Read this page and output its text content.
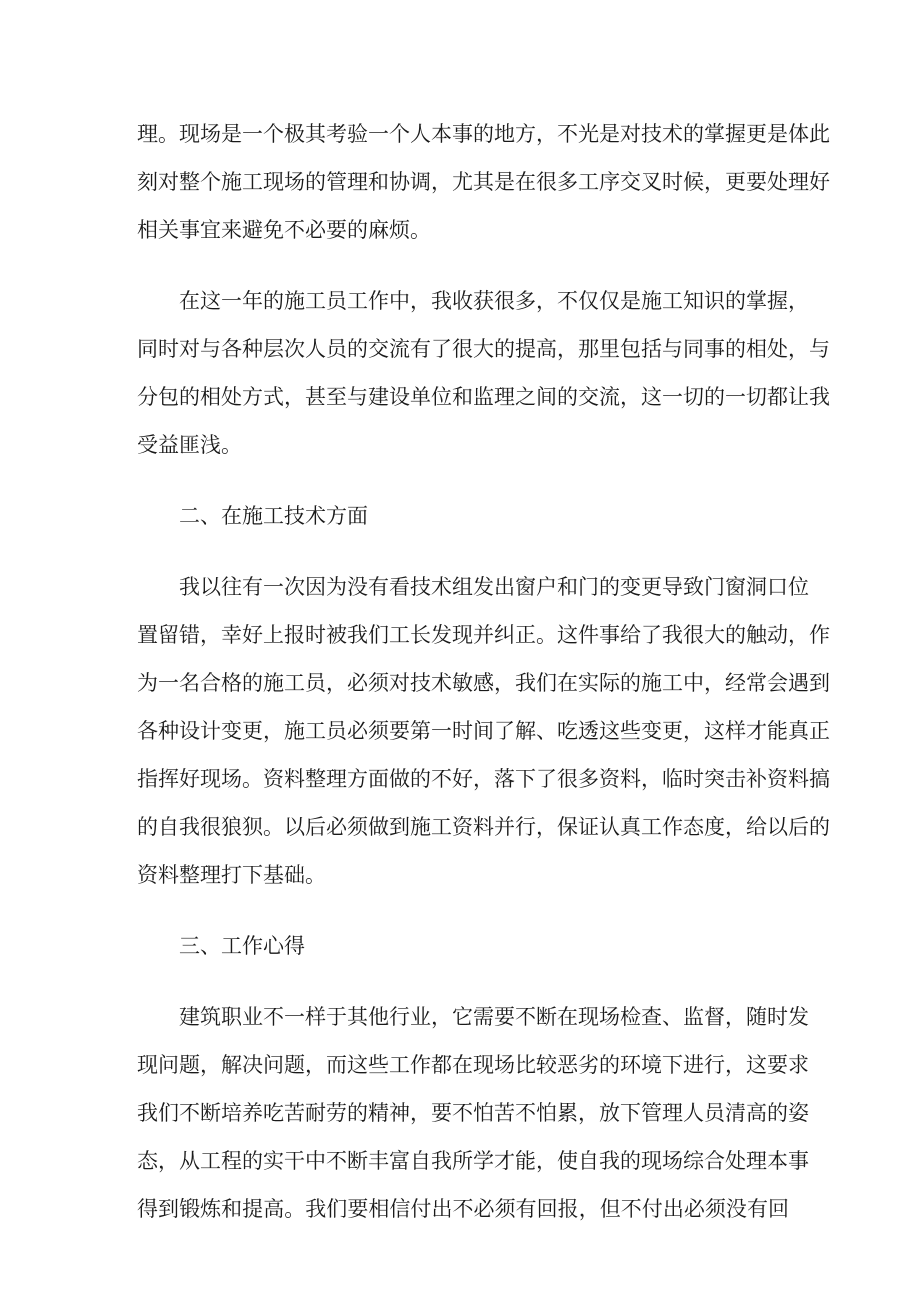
理。现场是一个极其考验一个人本事的地方，不光是对技术的掌握更是体此
刻对整个施工现场的管理和协调，尤其是在很多工序交叉时候，更要处理好
相关事宜来避免不必要的麻烦。

在这一年的施工员工作中，我收获很多，不仅仅是施工知识的掌握，
同时对与各种层次人员的交流有了很大的提高，那里包括与同事的相处，与
分包的相处方式，甚至与建设单位和监理之间的交流，这一切的一切都让我
受益匪浅。

二、在施工技术方面

我以往有一次因为没有看技术组发出窗户和门的变更导致门窗洞口位
置留错，幸好上报时被我们工长发现并纠正。这件事给了我很大的触动，作
为一名合格的施工员，必须对技术敏感，我们在实际的施工中，经常会遇到
各种设计变更，施工员必须要第一时间了解、吃透这些变更，这样才能真正
指挥好现场。资料整理方面做的不好，落下了很多资料，临时突击补资料搞
的自我很狼狈。以后必须做到施工资料并行，保证认真工作态度，给以后的
资料整理打下基础。

三、工作心得

建筑职业不一样于其他行业，它需要不断在现场检查、监督，随时发
现问题，解决问题，而这些工作都在现场比较恶劣的环境下进行，这要求
我们不断培养吃苦耐劳的精神，要不怕苦不怕累，放下管理人员清高的姿
态，从工程的实干中不断丰富自我所学才能，使自我的现场综合处理本事
得到锻炼和提高。我们要相信付出不必须有回报，但不付出必须没有回
